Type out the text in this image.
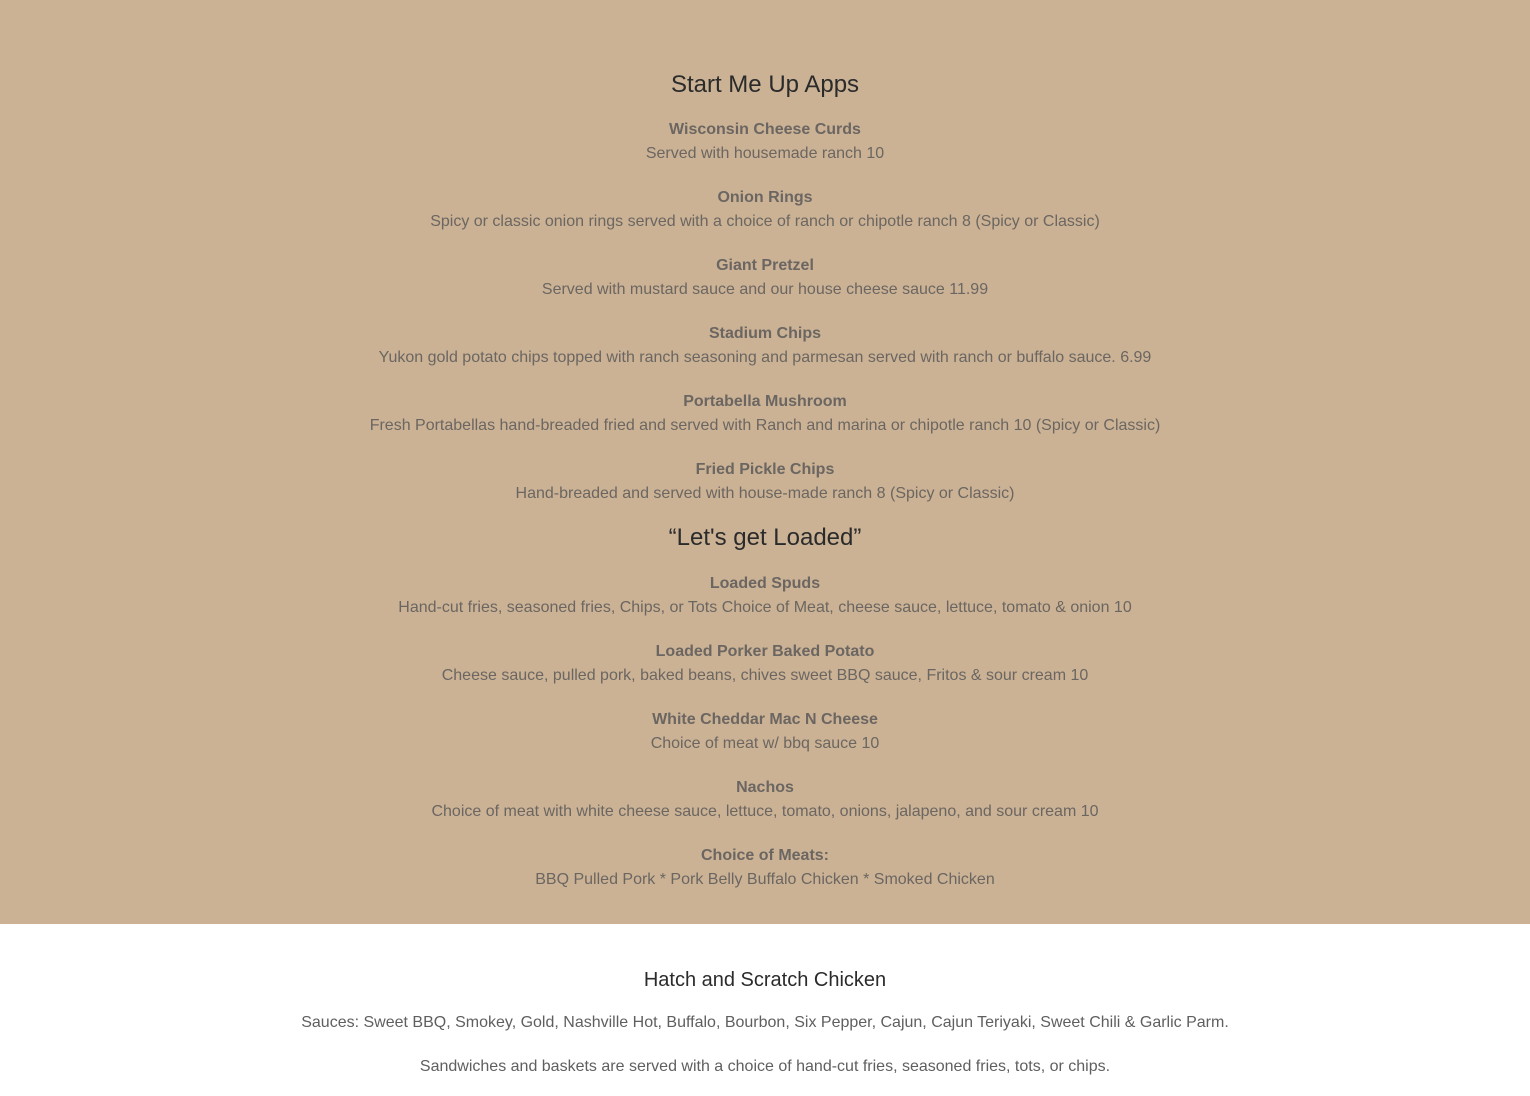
Start Me Up Apps

Wisconsin Cheese Curds

Served with housemade ranch 10

Onion Rings

Spicy or classic onion rings served with a choice of ranch or chipotle ranch 8 (Spicy or Classic)

Giant Pretzel

Served with mustard sauce and our house cheese sauce 11.99

Stadium Chips

Yukon gold potato chips topped with ranch seasoning and parmesan served with ranch or buffalo sauce. 6.99

Portabella Mushroom

Fresh Portabellas hand-breaded fried and served with Ranch and marina or chipotle ranch 10 (Spicy or Classic)

Fried Pickle Chips

Hand-breaded and served with house-made ranch 8 (Spicy or Classic)

“Let's get Loaded”

Loaded Spuds

Hand-cut fries, seasoned fries, Chips, or Tots Choice of Meat, cheese sauce, lettuce, tomato & onion 10

Loaded Porker Baked Potato

Cheese sauce, pulled pork, baked beans, chives sweet BBQ sauce, Fritos & sour cream 10

White Cheddar Mac N Cheese

Choice of meat w/ bbq sauce 10

Nachos

Choice of meat with white cheese sauce, lettuce, tomato, onions, jalapeno, and sour cream 10

Choice of Meats:

BBQ Pulled Pork * Pork Belly Buffalo Chicken * Smoked Chicken

Hatch and Scratch Chicken

Sauces: Sweet BBQ, Smokey, Gold, Nashville Hot, Buffalo, Bourbon, Six Pepper, Cajun, Cajun Teriyaki, Sweet Chili & Garlic Parm.

Sandwiches and baskets are served with a choice of hand-cut fries, seasoned fries, tots, or chips.
